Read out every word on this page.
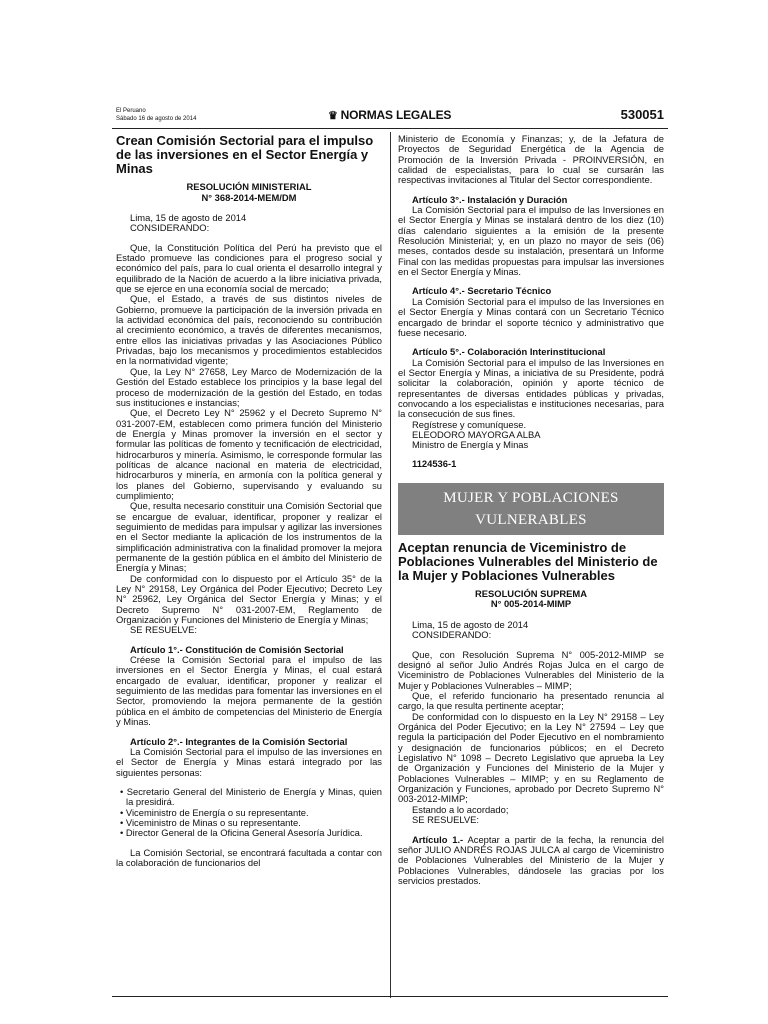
El Peruano
Sábado 16 de agosto de 2014	♛ NORMAS LEGALES	530051
Crean Comisión Sectorial para el impulso de las inversiones en el Sector Energía y Minas
RESOLUCIÓN MINISTERIAL
N° 368-2014-MEM/DM

Lima, 15 de agosto de 2014

CONSIDERANDO:

Que, la Constitución Política del Perú ha previsto que el Estado promueve las condiciones para el progreso social y económico del país, para lo cual orienta el desarrollo integral y equilibrado de la Nación de acuerdo a la libre iniciativa privada, que se ejerce en una economía social de mercado;

Que, el Estado, a través de sus distintos niveles de Gobierno, promueve la participación de la inversión privada en la actividad económica del país, reconociendo su contribución al crecimiento económico, a través de diferentes mecanismos, entre ellos las iniciativas privadas y las Asociaciones Público Privadas, bajo los mecanismos y procedimientos establecidos en la normatividad vigente;

Que, la Ley N° 27658, Ley Marco de Modernización de la Gestión del Estado establece los principios y la base legal del proceso de modernización de la gestión del Estado, en todas sus instituciones e instancias;

Que, el Decreto Ley N° 25962 y el Decreto Supremo N° 031-2007-EM, establecen como primera función del Ministerio de Energía y Minas promover la inversión en el sector y formular las políticas de fomento y tecnificación de electricidad, hidrocarburos y minería. Asimismo, le corresponde formular las políticas de alcance nacional en materia de electricidad, hidrocarburos y minería, en armonía con la política general y los planes del Gobierno, supervisando y evaluando su cumplimiento;

Que, resulta necesario constituir una Comisión Sectorial que se encargue de evaluar, identificar, proponer y realizar el seguimiento de medidas para impulsar y agilizar las inversiones en el Sector mediante la aplicación de los instrumentos de la simplificación administrativa con la finalidad promover la mejora permanente de la gestión pública en el ámbito del Ministerio de Energía y Minas;

De conformidad con lo dispuesto por el Artículo 35° de la Ley N° 29158, Ley Orgánica del Poder Ejecutivo; Decreto Ley N° 25962, Ley Orgánica del Sector Energía y Minas; y el Decreto Supremo N° 031-2007-EM, Reglamento de Organización y Funciones del Ministerio de Energía y Minas;

SE RESUELVE:

Artículo 1°.- Constitución de Comisión Sectorial

Créese la Comisión Sectorial para el impulso de las inversiones en el Sector Energía y Minas, el cual estará encargado de evaluar, identificar, proponer y realizar el seguimiento de las medidas para fomentar las inversiones en el Sector, promoviendo la mejora permanente de la gestión pública en el ámbito de competencias del Ministerio de Energía y Minas.

Artículo 2°.- Integrantes de la Comisión Sectorial

La Comisión Sectorial para el impulso de las inversiones en el Sector de Energía y Minas estará integrado por las siguientes personas:

• Secretario General del Ministerio de Energía y Minas, quien la presidirá.

• Viceministro de Energía o su representante.

• Viceministro de Minas o su representante.

• Director General de la Oficina General Asesoría Jurídica.

La Comisión Sectorial, se encontrará facultada a contar con la colaboración de funcionarios del

Ministerio de Economía y Finanzas; y, de la Jefatura de Proyectos de Seguridad Energética de la Agencia de Promoción de la Inversión Privada - PROINVERSIÓN, en calidad de especialistas, para lo cual se cursarán las respectivas invitaciones al Titular del Sector correspondiente.

Artículo 3°.- Instalación y Duración

La Comisión Sectorial para el impulso de las Inversiones en el Sector Energía y Minas se instalará dentro de los diez (10) días calendario siguientes a la emisión de la presente Resolución Ministerial; y, en un plazo no mayor de seis (06) meses, contados desde su instalación, presentará un Informe Final con las medidas propuestas para impulsar las inversiones en el Sector Energía y Minas.

Artículo 4°.- Secretario Técnico

La Comisión Sectorial para el impulso de las Inversiones en el Sector Energía y Minas contará con un Secretario Técnico encargado de brindar el soporte técnico y administrativo que fuese necesario.

Artículo 5°.- Colaboración Interinstitucional

La Comisión Sectorial para el impulso de las Inversiones en el Sector Energía y Minas, a iniciativa de su Presidente, podrá solicitar la colaboración, opinión y aporte técnico de representantes de diversas entidades públicas y privadas, convocando a los especialistas e instituciones necesarias, para la consecución de sus fines.

Regístrese y comuníquese.

ELEODORO MAYORGA ALBA

Ministro de Energía y Minas

1124536-1

MUJER Y POBLACIONES
VULNERABLES
Aceptan renuncia de Viceministro de Poblaciones Vulnerables del Ministerio de la Mujer y Poblaciones Vulnerables
RESOLUCIÓN SUPREMA
N° 005-2014-MIMP

Lima, 15 de agosto de 2014

CONSIDERANDO:

Que, con Resolución Suprema N° 005-2012-MIMP se designó al señor Julio Andrés Rojas Julca en el cargo de Viceministro de Poblaciones Vulnerables del Ministerio de la Mujer y Poblaciones Vulnerables – MIMP;

Que, el referido funcionario ha presentado renuncia al cargo, la que resulta pertinente aceptar;

De conformidad con lo dispuesto en la Ley N° 29158 – Ley Orgánica del Poder Ejecutivo; en la Ley N° 27594 – Ley que regula la participación del Poder Ejecutivo en el nombramiento y designación de funcionarios públicos; en el Decreto Legislativo N° 1098 – Decreto Legislativo que aprueba la Ley de Organización y Funciones del Ministerio de la Mujer y Poblaciones Vulnerables – MIMP; y en su Reglamento de Organización y Funciones, aprobado por Decreto Supremo N° 003-2012-MIMP;

Estando a lo acordado;

SE RESUELVE:

Artículo 1.- Aceptar a partir de la fecha, la renuncia del señor JULIO ANDRÉS ROJAS JULCA al cargo de Viceministro de Poblaciones Vulnerables del Ministerio de la Mujer y Poblaciones Vulnerables, dándosele las gracias por los servicios prestados.
